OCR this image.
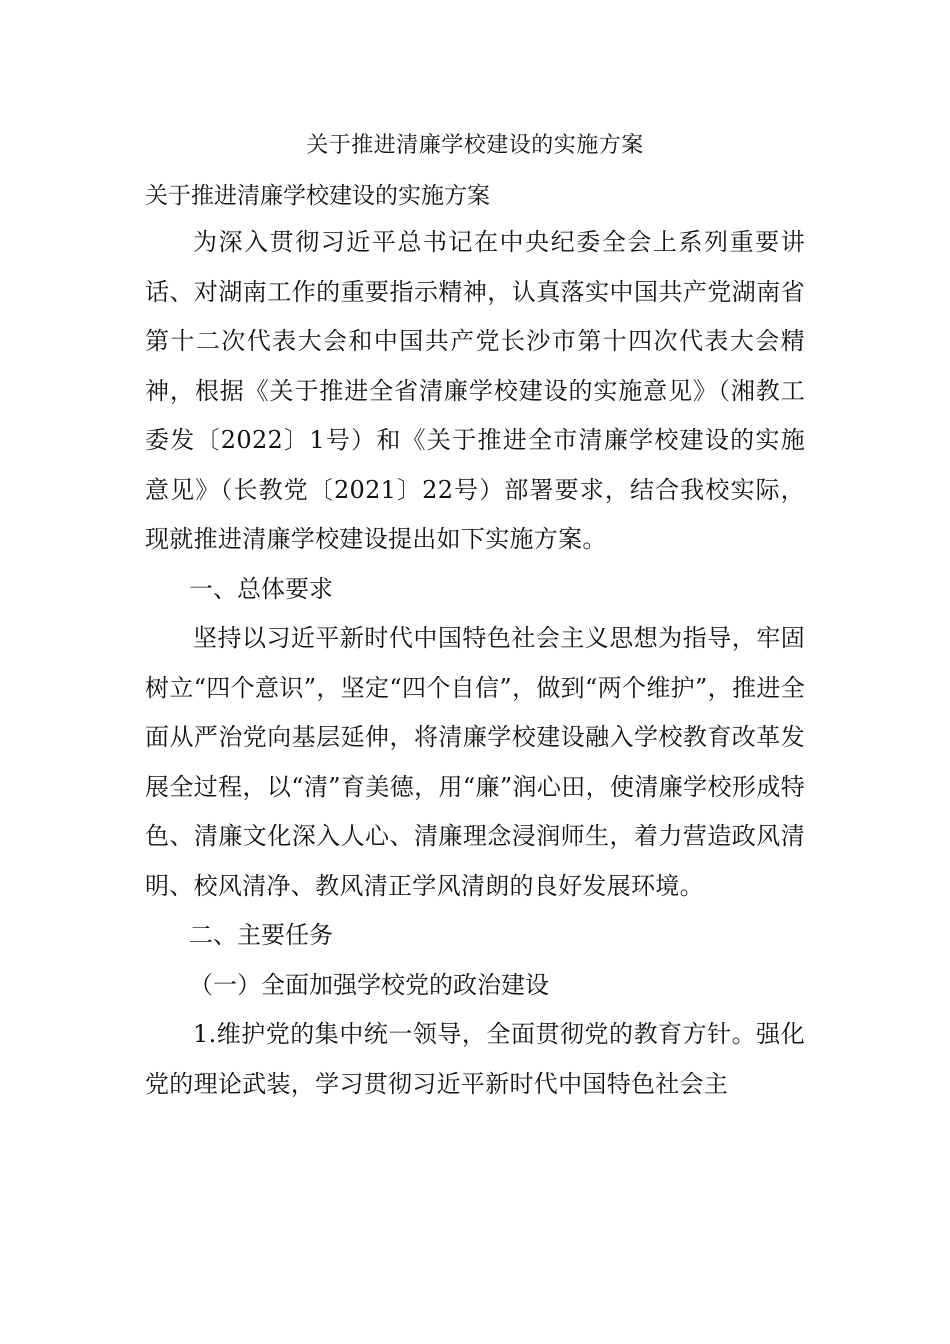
关于推进清廉学校建设的实施方案
关于推进清廉学校建设的实施方案

为深入贯彻习近平总书记在中央纪委全会上系列重要讲话、对湖南工作的重要指示精神，认真落实中国共产党湖南省第十二次代表大会和中国共产党长沙市第十四次代表大会精神，根据《关于推进全省清廉学校建设的实施意见》（湘教工委发〔2022〕1号）和《关于推进全市清廉学校建设的实施意见》（长教党〔2021〕22号）部署要求，结合我校实际，现就推进清廉学校建设提出如下实施方案。

一、总体要求

坚持以习近平新时代中国特色社会主义思想为指导，牢固树立“四个意识”，坚定“四个自信”，做到“两个维护”，推进全面从严治党向基层延伸，将清廉学校建设融入学校教育改革发展全过程，以“清”育美德，用“廉”润心田，使清廉学校形成特色、清廉文化深入人心、清廉理念浸润师生，着力营造政风清明、校风清净、教风清正学风清朗的良好发展环境。

二、主要任务
（一）全面加强学校党的政治建设

1.维护党的集中统一领导，全面贯彻党的教育方针。强化党的理论武装，学习贯彻习近平新时代中国特色社会主
